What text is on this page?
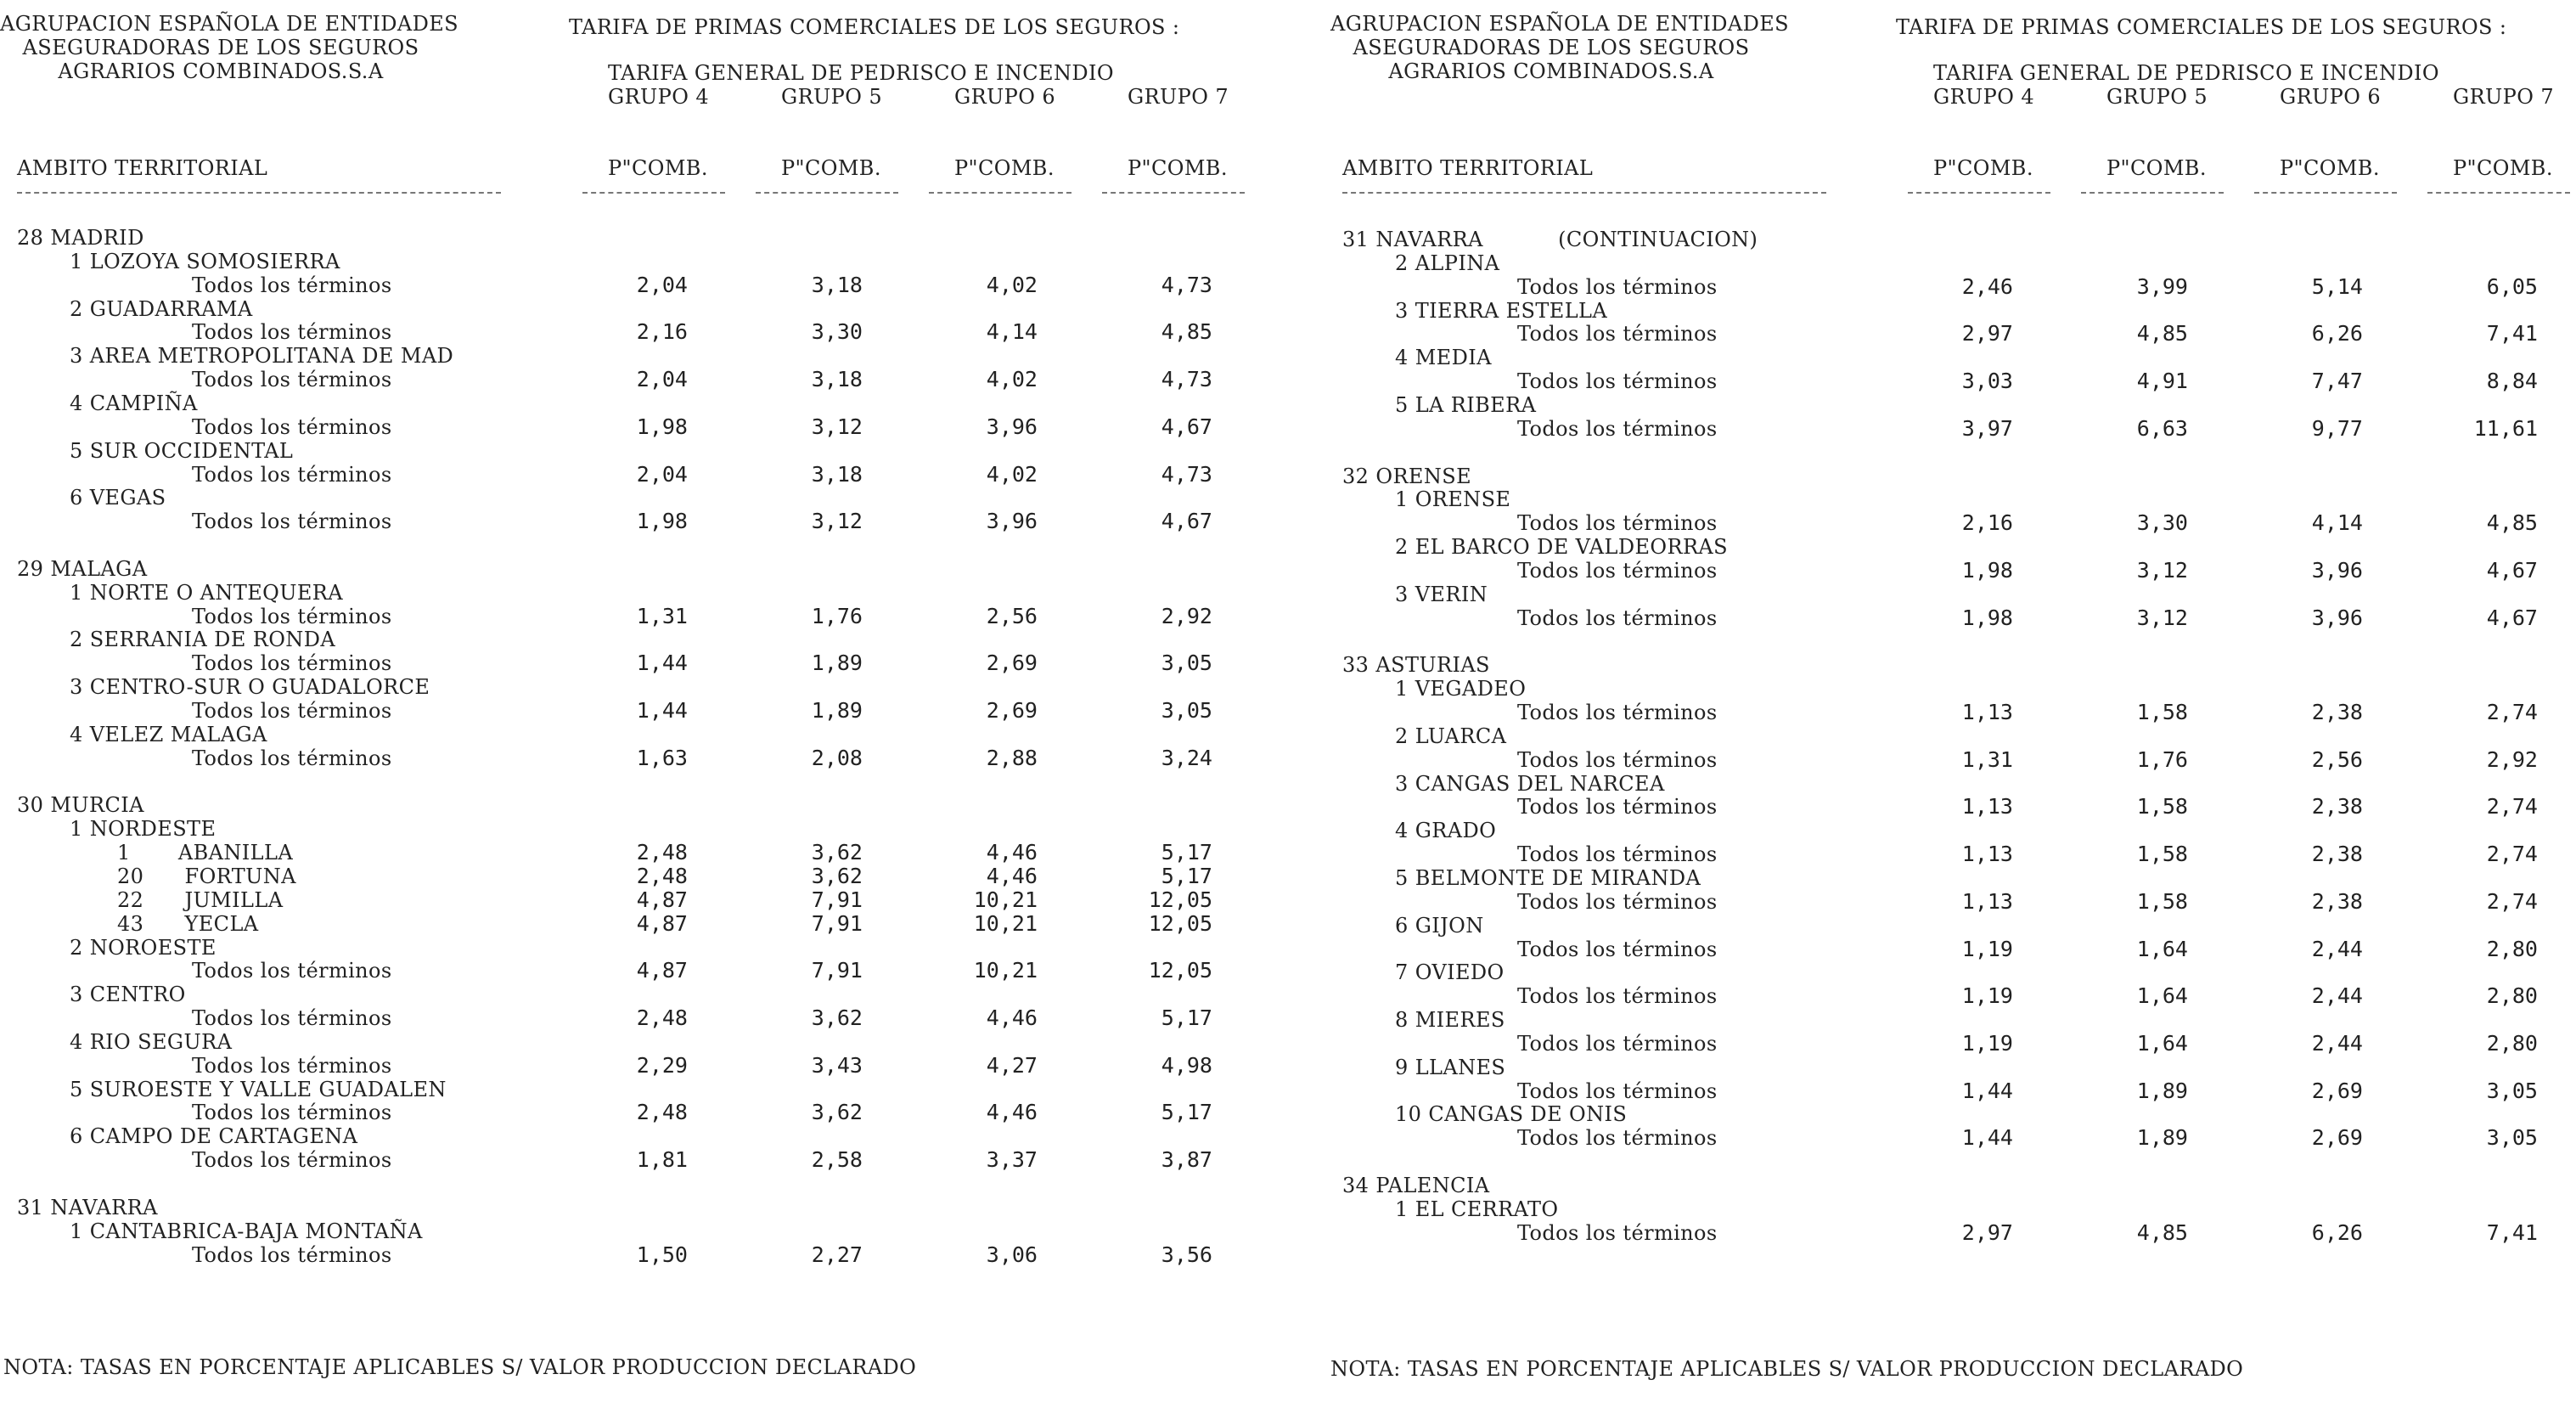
AGRUPACION ESPAÑOLA DE ENTIDADES
ASEGURADORAS DE LOS SEGUROS
AGRARIOS COMBINADOS.S.A
TARIFA DE PRIMAS COMERCIALES DE LOS SEGUROS :
TARIFA GENERAL DE PEDRISCO E INCENDIO
GRUPO 4	GRUPO 5	GRUPO 6	GRUPO 7
AMBITO TERRITORIAL	P"COMB.	P"COMB.	P"COMB.	P"COMB.
28 MADRID
1 LOZOYA SOMOSIERRA
Todos los términos	2,04	3,18	4,02	4,73
2 GUADARRAMA
Todos los términos	2,16	3,30	4,14	4,85
3 AREA METROPOLITANA DE MAD
Todos los términos	2,04	3,18	4,02	4,73
4 CAMPIÑA
Todos los términos	1,98	3,12	3,96	4,67
5 SUR OCCIDENTAL
Todos los términos	2,04	3,18	4,02	4,73
6 VEGAS
Todos los términos	1,98	3,12	3,96	4,67
29 MALAGA
1 NORTE O ANTEQUERA
Todos los términos	1,31	1,76	2,56	2,92
2 SERRANIA DE RONDA
Todos los términos	1,44	1,89	2,69	3,05
3 CENTRO-SUR O GUADALORCE
Todos los términos	1,44	1,89	2,69	3,05
4 VELEZ MALAGA
Todos los términos	1,63	2,08	2,88	3,24
30 MURCIA
1 NORDESTE
1       ABANILLA	2,48	3,62	4,46	5,17
20      FORTUNA	2,48	3,62	4,46	5,17
22      JUMILLA	4,87	7,91	10,21	12,05
43      YECLA	4,87	7,91	10,21	12,05
2 NOROESTE
Todos los términos	4,87	7,91	10,21	12,05
3 CENTRO
Todos los términos	2,48	3,62	4,46	5,17
4 RIO SEGURA
Todos los términos	2,29	3,43	4,27	4,98
5 SUROESTE Y VALLE GUADALEN
Todos los términos	2,48	3,62	4,46	5,17
6 CAMPO DE CARTAGENA
Todos los términos	1,81	2,58	3,37	3,87
31 NAVARRA
1 CANTABRICA-BAJA MONTAÑA
Todos los términos	1,50	2,27	3,06	3,56
NOTA: TASAS EN PORCENTAJE APLICABLES S/ VALOR PRODUCCION DECLARADO
AGRUPACION ESPAÑOLA DE ENTIDADES
ASEGURADORAS DE LOS SEGUROS
AGRARIOS COMBINADOS.S.A
TARIFA DE PRIMAS COMERCIALES DE LOS SEGUROS :
TARIFA GENERAL DE PEDRISCO E INCENDIO
GRUPO 4	GRUPO 5	GRUPO 6	GRUPO 7
AMBITO TERRITORIAL	P"COMB.	P"COMB.	P"COMB.	P"COMB.
31 NAVARRA           (CONTINUACION)
2 ALPINA
Todos los términos	2,46	3,99	5,14	6,05
3 TIERRA ESTELLA
Todos los términos	2,97	4,85	6,26	7,41
4 MEDIA
Todos los términos	3,03	4,91	7,47	8,84
5 LA RIBERA
Todos los términos	3,97	6,63	9,77	11,61
32 ORENSE
1 ORENSE
Todos los términos	2,16	3,30	4,14	4,85
2 EL BARCO DE VALDEORRAS
Todos los términos	1,98	3,12	3,96	4,67
3 VERIN
Todos los términos	1,98	3,12	3,96	4,67
33 ASTURIAS
1 VEGADEO
Todos los términos	1,13	1,58	2,38	2,74
2 LUARCA
Todos los términos	1,31	1,76	2,56	2,92
3 CANGAS DEL NARCEA
Todos los términos	1,13	1,58	2,38	2,74
4 GRADO
Todos los términos	1,13	1,58	2,38	2,74
5 BELMONTE DE MIRANDA
Todos los términos	1,13	1,58	2,38	2,74
6 GIJON
Todos los términos	1,19	1,64	2,44	2,80
7 OVIEDO
Todos los términos	1,19	1,64	2,44	2,80
8 MIERES
Todos los términos	1,19	1,64	2,44	2,80
9 LLANES
Todos los términos	1,44	1,89	2,69	3,05
10 CANGAS DE ONIS
Todos los términos	1,44	1,89	2,69	3,05
34 PALENCIA
1 EL CERRATO
Todos los términos	2,97	4,85	6,26	7,41
NOTA: TASAS EN PORCENTAJE APLICABLES S/ VALOR PRODUCCION DECLARADO
